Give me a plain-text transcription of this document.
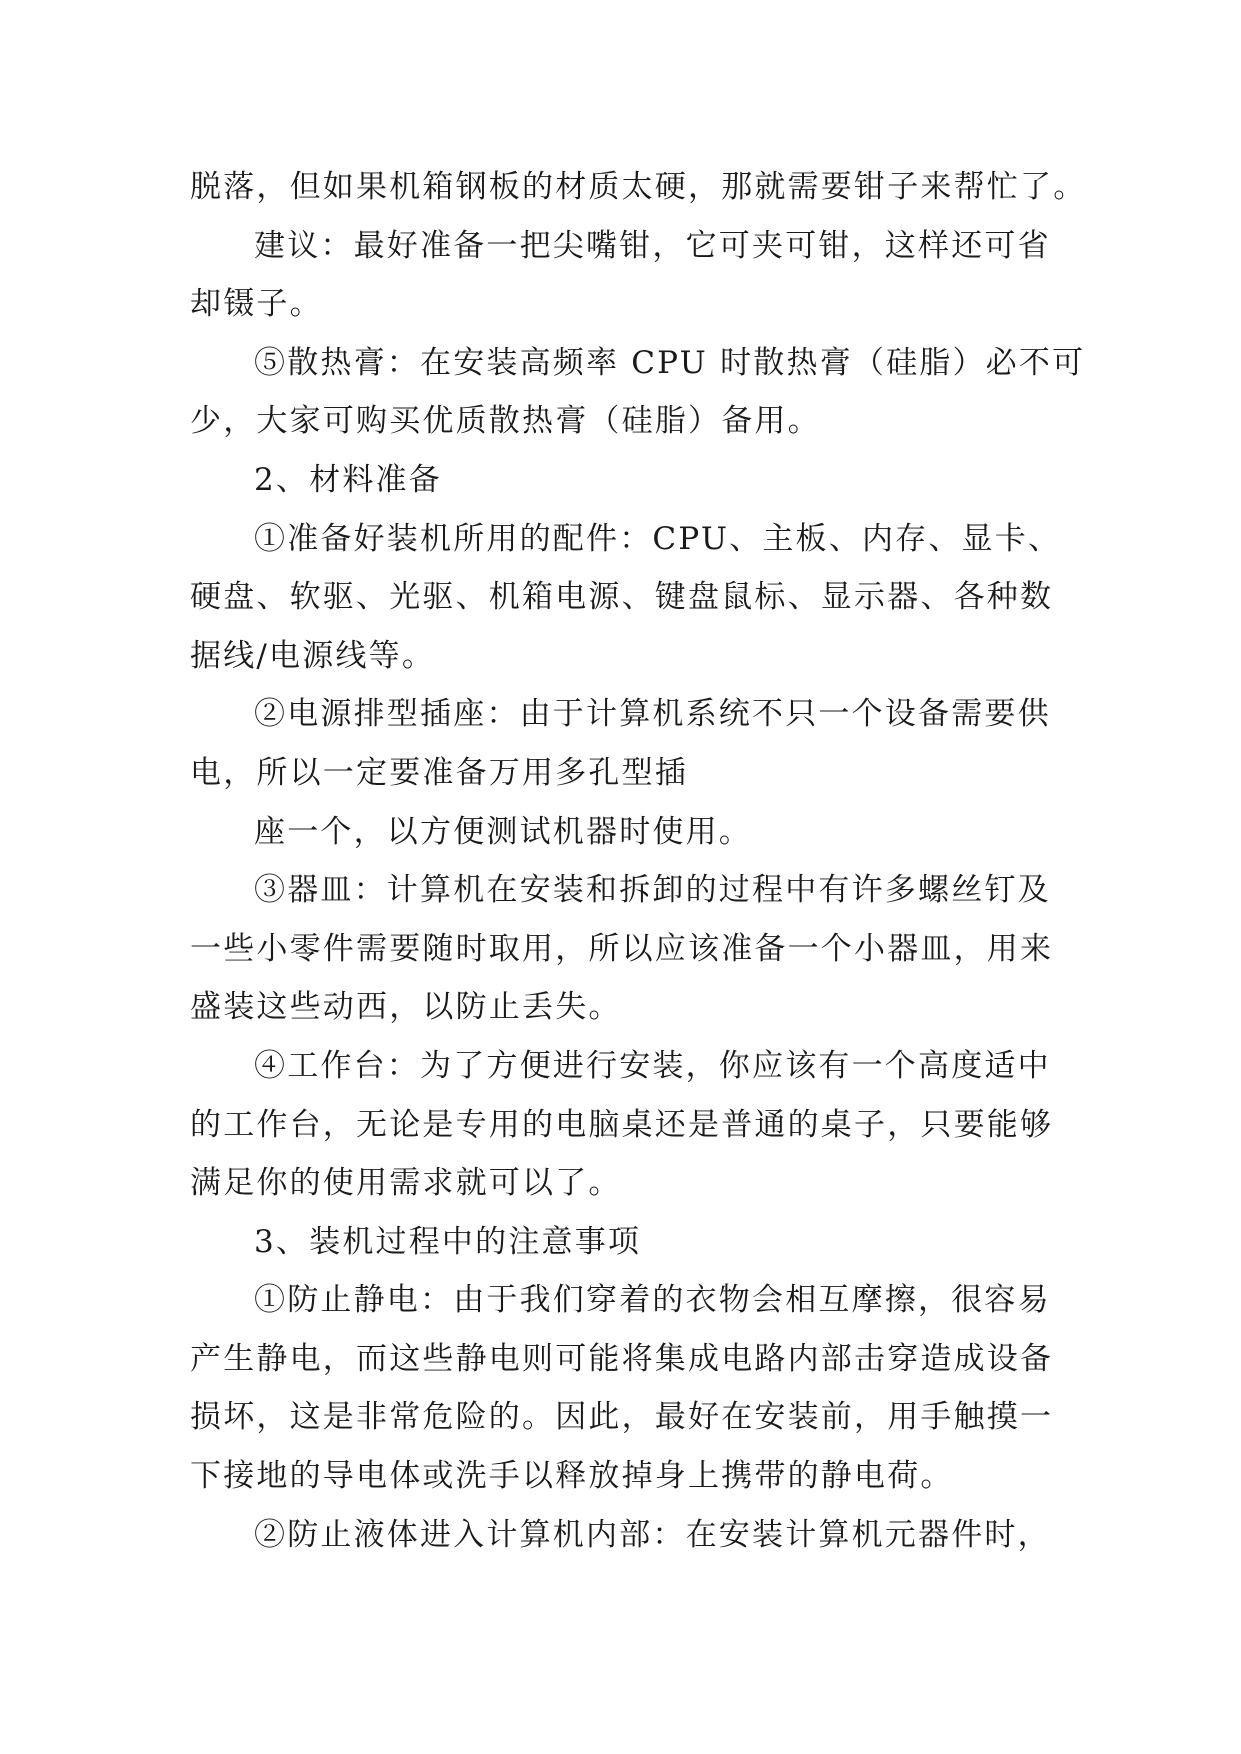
脱落，但如果机箱钢板的材质太硬，那就需要钳子来帮忙了。
建议：最好准备一把尖嘴钳，它可夹可钳，这样还可省
却镊子。
⑤散热膏：在安装高频率 CPU 时散热膏（硅脂）必不可
少，大家可购买优质散热膏（硅脂）备用。
2、材料准备
①准备好装机所用的配件：CPU、主板、内存、显卡、
硬盘、软驱、光驱、机箱电源、键盘鼠标、显示器、各种数
据线/电源线等。
②电源排型插座：由于计算机系统不只一个设备需要供
电，所以一定要准备万用多孔型插
座一个，以方便测试机器时使用。
③器皿：计算机在安装和拆卸的过程中有许多螺丝钉及
一些小零件需要随时取用，所以应该准备一个小器皿，用来
盛装这些动西，以防止丢失。
④工作台：为了方便进行安装，你应该有一个高度适中
的工作台，无论是专用的电脑桌还是普通的桌子，只要能够
满足你的使用需求就可以了。
3、装机过程中的注意事项
①防止静电：由于我们穿着的衣物会相互摩擦，很容易
产生静电，而这些静电则可能将集成电路内部击穿造成设备
损坏，这是非常危险的。因此，最好在安装前，用手触摸一
下接地的导电体或洗手以释放掉身上携带的静电荷。
②防止液体进入计算机内部：在安装计算机元器件时，
